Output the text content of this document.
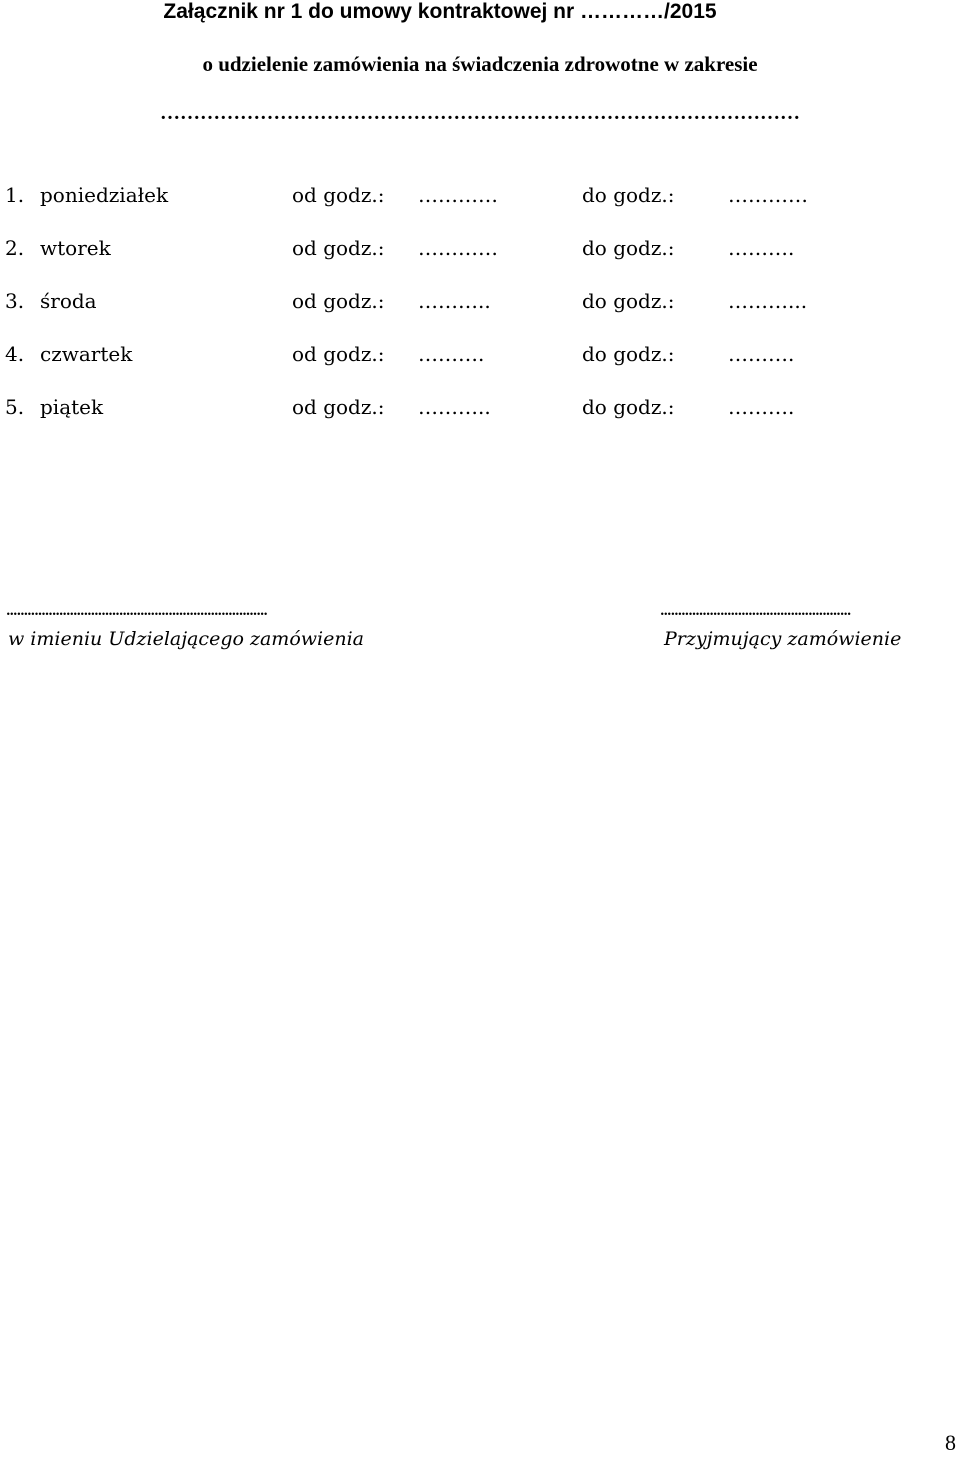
Załącznik nr 1 do umowy kontraktowej nr …………/2015
o udzieleniе zamówienia na świadczenia zdrowotne w zakresie
……………………………………………………………………………………
1. poniedziałek	od godz.: …………	do godz.:	…………
2. wtorek	od godz.: …………	do godz.:	……….
3. środa	od godz.: ………..	do godz.:	………...
4. czwartek	od godz.: ……….	do godz.:	……….
5. piątek	od godz.: ………..	do godz.:	……….
..........................................................................
w imieniu Udzielającego zamówienia
......................................................
Przyjmujący zamówienie
8
